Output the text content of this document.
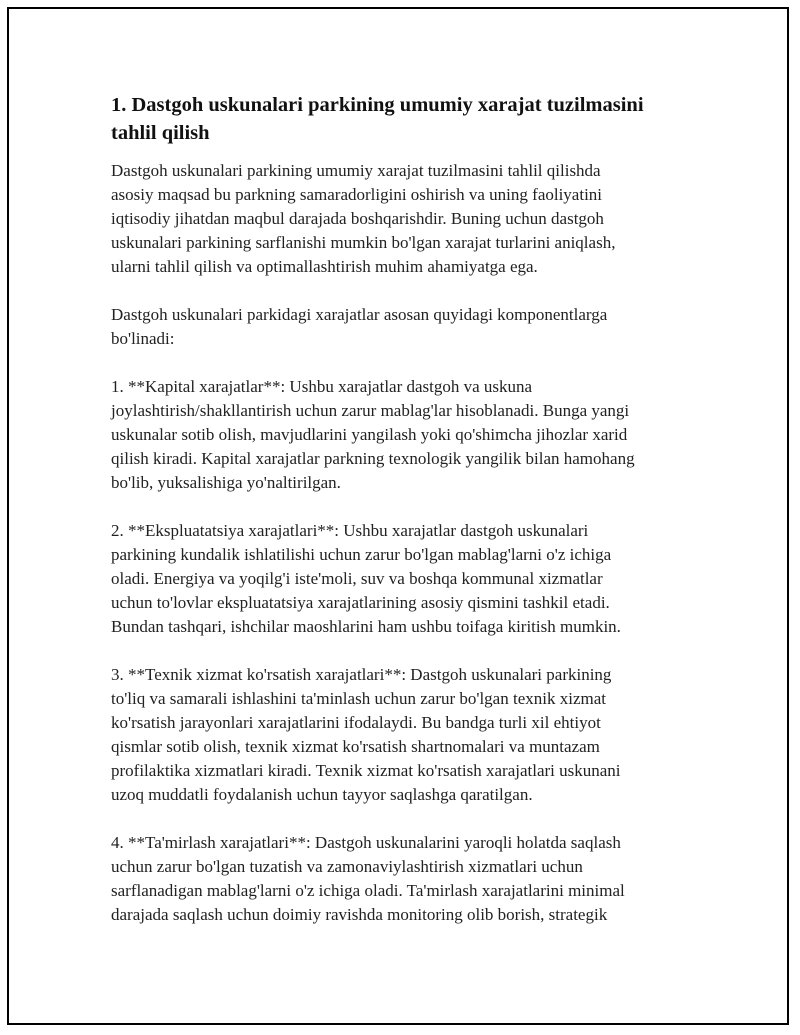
1. Dastgoh uskunalari parkining umumiy xarajat tuzilmasini
tahlil qilish

Dastgoh uskunalari parkining umumiy xarajat tuzilmasini tahlil qilishda
asosiy maqsad bu parkning samaradorligini oshirish va uning faoliyatini
iqtisodiy jihatdan maqbul darajada boshqarishdir. Buning uchun dastgoh
uskunalari parkining sarflanishi mumkin bo'lgan xarajat turlarini aniqlash,
ularni tahlil qilish va optimallashtirish muhim ahamiyatga ega.

Dastgoh uskunalari parkidagi xarajatlar asosan quyidagi komponentlarga
bo'linadi:

1. **Kapital xarajatlar**: Ushbu xarajatlar dastgoh va uskuna
joylashtirish/shakllantirish uchun zarur mablag'lar hisoblanadi. Bunga yangi
uskunalar sotib olish, mavjudlarini yangilash yoki qo'shimcha jihozlar xarid
qilish kiradi. Kapital xarajatlar parkning texnologik yangilik bilan hamohang
bo'lib, yuksalishiga yo'naltirilgan.

2. **Ekspluatatsiya xarajatlari**: Ushbu xarajatlar dastgoh uskunalari
parkining kundalik ishlatilishi uchun zarur bo'lgan mablag'larni o'z ichiga
oladi. Energiya va yoqilg'i iste'moli, suv va boshqa kommunal xizmatlar
uchun to'lovlar ekspluatatsiya xarajatlarining asosiy qismini tashkil etadi.
Bundan tashqari, ishchilar maoshlarini ham ushbu toifaga kiritish mumkin.

3. **Texnik xizmat ko'rsatish xarajatlari**: Dastgoh uskunalari parkining
to'liq va samarali ishlashini ta'minlash uchun zarur bo'lgan texnik xizmat
ko'rsatish jarayonlari xarajatlarini ifodalaydi. Bu bandga turli xil ehtiyot
qismlar sotib olish, texnik xizmat ko'rsatish shartnomalari va muntazam
profilaktika xizmatlari kiradi. Texnik xizmat ko'rsatish xarajatlari uskunani
uzoq muddatli foydalanish uchun tayyor saqlashga qaratilgan.

4. **Ta'mirlash xarajatlari**: Dastgoh uskunalarini yaroqli holatda saqlash
uchun zarur bo'lgan tuzatish va zamonaviylashtirish xizmatlari uchun
sarflanadigan mablag'larni o'z ichiga oladi. Ta'mirlash xarajatlarini minimal
darajada saqlash uchun doimiy ravishda monitoring olib borish, strategik
